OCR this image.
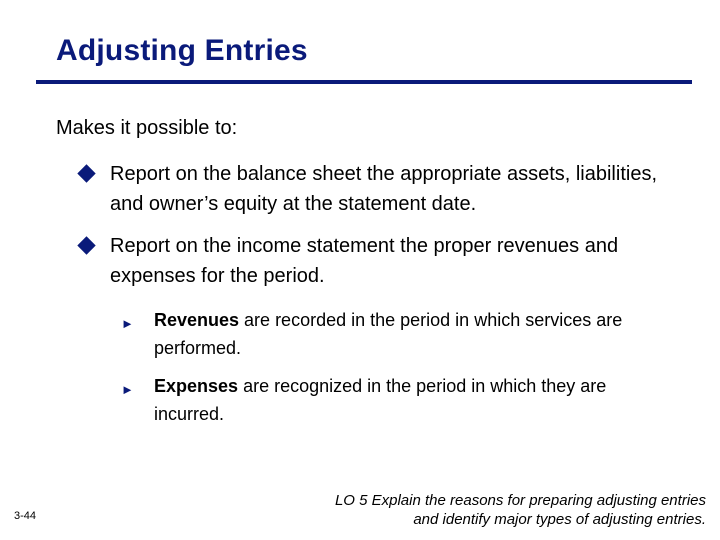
Adjusting Entries
Makes it possible to:
Report on the balance sheet the appropriate assets, liabilities, and owner’s equity at the statement date.
Report on the income statement the proper revenues and expenses for the period.
► Revenues are recorded in the period in which services are performed.
► Expenses are recognized in the period in which they are incurred.
3-44
LO 5 Explain the reasons for preparing adjusting entries
and identify major types of adjusting entries.
